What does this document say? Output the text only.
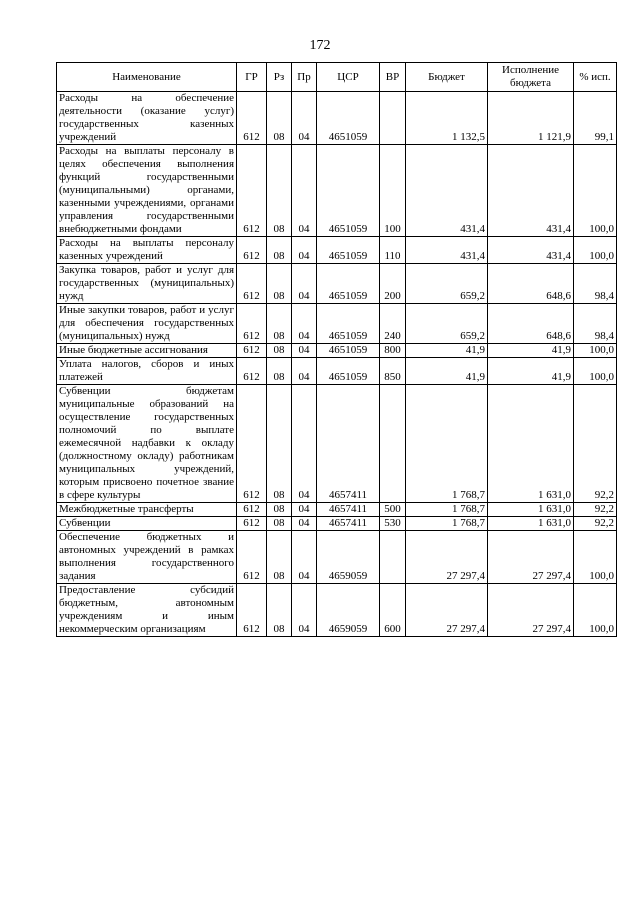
172
Наименование	ГР	Рз	Пр	ЦСР	ВР	Бюджет	Исполнение бюджета	% исп.
Расходы на обеспечение деятельности (оказание услуг) государственных казенных учреждений	612	08	04	4651059		1 132,5	1 121,9	99,1
Расходы на выплаты персоналу в целях обеспечения выполнения функций государственными (муниципальными) органами, казенными учреждениями, органами управления государственными внебюджетными фондами	612	08	04	4651059	100	431,4	431,4	100,0
Расходы на выплаты персоналу казенных учреждений	612	08	04	4651059	110	431,4	431,4	100,0
Закупка товаров, работ и услуг для государственных (муниципальных) нужд	612	08	04	4651059	200	659,2	648,6	98,4
Иные закупки товаров, работ и услуг для обеспечения государственных (муниципальных) нужд	612	08	04	4651059	240	659,2	648,6	98,4
Иные бюджетные ассигнования	612	08	04	4651059	800	41,9	41,9	100,0
Уплата налогов, сборов и иных платежей	612	08	04	4651059	850	41,9	41,9	100,0
Субвенции бюджетам муниципальные образований на осуществление государственных полномочий по выплате ежемесячной надбавки к окладу (должностному окладу) работникам муниципальных учреждений, которым присвоено почетное звание в сфере культуры	612	08	04	4657411		1 768,7	1 631,0	92,2
Межбюджетные трансферты	612	08	04	4657411	500	1 768,7	1 631,0	92,2
Субвенции	612	08	04	4657411	530	1 768,7	1 631,0	92,2
Обеспечение бюджетных и автономных учреждений в рамках выполнения государственного задания	612	08	04	4659059		27 297,4	27 297,4	100,0
Предоставление субсидий бюджетным, автономным учреждениям и иным некоммерческим организациям	612	08	04	4659059	600	27 297,4	27 297,4	100,0
